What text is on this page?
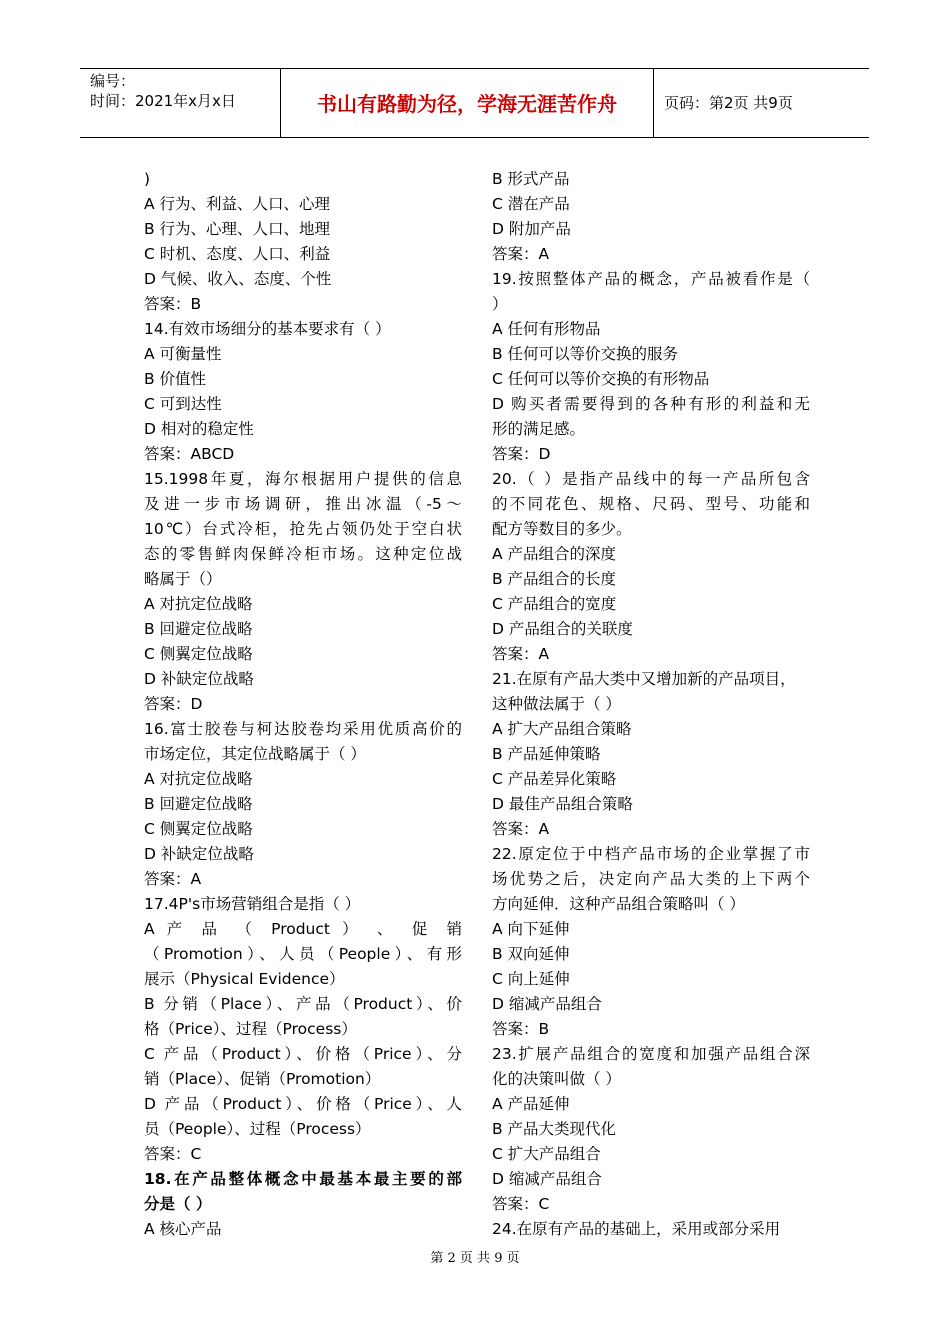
编号：
时间：2021年x月x日	书山有路勤为径，学海无涯苦作舟	页码：第2页 共9页
)
A 行为、利益、人口、心理
B 行为、心理、人口、地理
C 时机、态度、人口、利益
D 气候、收入、态度、个性
答案：B
14.有效市场细分的基本要求有（ ）
A 可衡量性
B 价值性
C 可到达性
D 相对的稳定性
答案：ABCD
15.1998年夏，海尔根据用户提供的信息
及进一步市场调研，推出冰温（-5～
10℃）台式冷柜，抢先占领仍处于空白状
态的零售鲜肉保鲜冷柜市场。这种定位战
略属于（）
A 对抗定位战略
B 回避定位战略
C 侧翼定位战略
D 补缺定位战略
答案：D
16.富士胶卷与柯达胶卷均采用优质高价的
市场定位，其定位战略属于（ ）
A 对抗定位战略
B 回避定位战略
C 侧翼定位战略
D 补缺定位战略
答案：A
17.4P's市场营销组合是指（ ）
A 产 品 （ Product ） 、 促 销
（Promotion）、人员（People）、有形
展示（Physical Evidence）
B 分销（Place）、产品（Product）、价
格（Price）、过程（Process）
C 产品（Product）、价格（Price）、分
销（Place）、促销（Promotion）
D 产品（Product）、价格（Price）、人
员（People）、过程（Process）
答案：C
18.在产品整体概念中最基本最主要的部
分是（ ）
A 核心产品
B 形式产品
C 潜在产品
D 附加产品
答案：A
19.按照整体产品的概念，产品被看作是（
）
A 任何有形物品
B 任何可以等价交换的服务
C 任何可以等价交换的有形物品
D 购买者需要得到的各种有形的利益和无
形的满足感。
答案：D
20.（ ）是指产品线中的每一产品所包含
的不同花色、规格、尺码、型号、功能和
配方等数目的多少。
A 产品组合的深度
B 产品组合的长度
C 产品组合的宽度
D 产品组合的关联度
答案：A
21.在原有产品大类中又增加新的产品项目，
这种做法属于（ ）
A 扩大产品组合策略
B 产品延伸策略
C 产品差异化策略
D 最佳产品组合策略
答案：A
22.原定位于中档产品市场的企业掌握了市
场优势之后，决定向产品大类的上下两个
方向延伸．这种产品组合策略叫（ ）
A 向下延伸
B 双向延伸
C 向上延伸
D 缩减产品组合
答案：B
23.扩展产品组合的宽度和加强产品组合深
化的决策叫做（ ）
A 产品延伸
B 产品大类现代化
C 扩大产品组合
D 缩减产品组合
答案：C
24.在原有产品的基础上，采用或部分采用
第 2 页 共 9 页
